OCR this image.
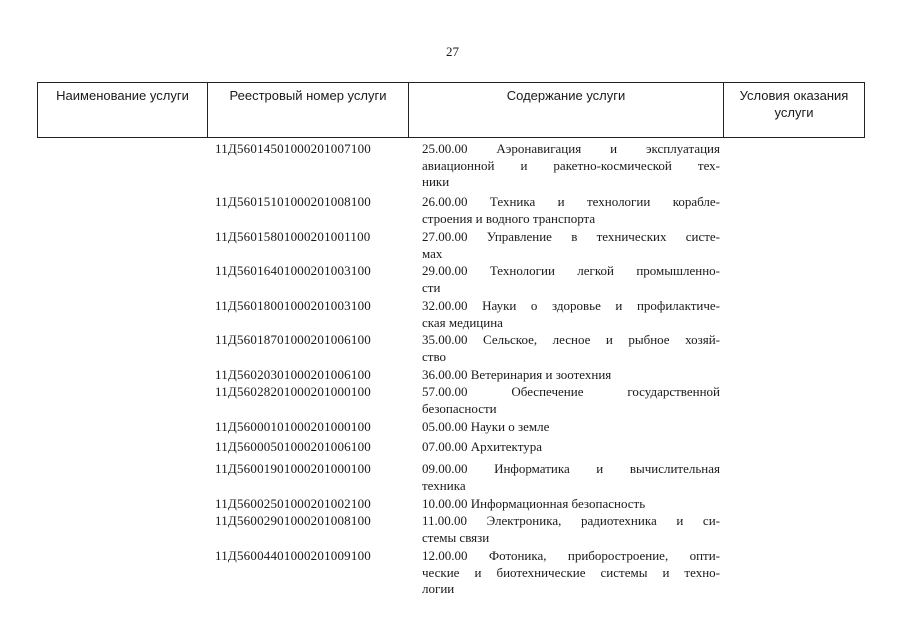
27
Наименование услуги	Реестровый номер услуги	Содержание услуги	Условия оказания услуги
11Д56014501000201007100	25.00.00 Аэронавигация и эксплуатация
авиационной и ракетно-космической тех-
ники
11Д56015101000201008100	26.00.00 Техника и технологии корабле-
строения и водного транспорта
11Д56015801000201001100	27.00.00 Управление в технических систе-
мах
11Д56016401000201003100	29.00.00 Технологии легкой промышленно-
сти
11Д56018001000201003100	32.00.00 Науки о здоровье и профилактиче-
ская медицина
11Д56018701000201006100	35.00.00 Сельское, лесное и рыбное хозяй-
ство
11Д56020301000201006100	36.00.00 Ветеринария и зоотехния
11Д56028201000201000100	57.00.00 Обеспечение государственной
безопасности
11Д56000101000201000100	05.00.00 Науки о земле
11Д56000501000201006100	07.00.00 Архитектура
11Д56001901000201000100	09.00.00 Информатика и вычислительная
техника
11Д56002501000201002100	10.00.00 Информационная безопасность
11Д56002901000201008100	11.00.00 Электроника, радиотехника и си-
стемы связи
11Д56004401000201009100	12.00.00 Фотоника, приборостроение, опти-
ческие и биотехнические системы и техно-
логии
